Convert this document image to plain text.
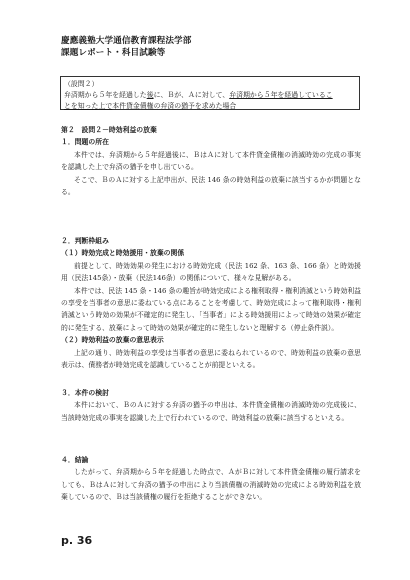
慶應義塾大学通信教育課程法学部
課題レポート・科目試験等
（設問２）
弁済期から５年を経過した後に、Ｂが、Ａに対して、弁済期から５年を経過しているこ
とを知った上で本件貸金債権の弁済の猶予を求めた場合
第２　設問２－時効利益の放棄
１．問題の所在
本件では、弁済期から５年経過後に、ＢはＡに対して本件貸金債権の消滅時効の完成の事実を認識した上で弁済の猶予を申し出ている。
そこで、ＢのＡに対する上記申出が、民法 146 条の時効利益の放棄に該当するかが問題となる。
２．判断枠組み
（１）時効完成と時効援用・放棄の関係
前提として、時効効果の発生における時効完成（民法 162 条、163 条、166 条）と時効援用（民法145条）・放棄（民法146条）の関係について、様々な見解がある。
本件では、民法 145 条・146 条の趣旨が時効完成による権利取得・権利消滅という時効利益の享受を当事者の意思に委ねている点にあることを考慮して、時効完成によって権利取得・権利消滅という時効の効果が不確定的に発生し、「当事者」による時効援用によって時効の効果が確定的に発生する、放棄によって時効の効果が確定的に発生しないと理解する（停止条件説）。
（２）時効利益の放棄の意思表示
上記の通り、時効利益の享受は当事者の意思に委ねられているので、時効利益の放棄の意思表示は、債務者が時効完成を認識していることが前提といえる。
３．本件の検討
本件において、ＢのＡに対する弁済の猶予の申出は、本件貸金債権の消滅時効の完成後に、当該時効完成の事実を認識した上で行われているので、時効利益の放棄に該当するといえる。
４．結論
したがって、弁済期から５年を経過した時点で、ＡがＢに対して本件貸金債権の履行請求をしても、ＢはＡに対して弁済の猶予の申出により当該債権の消滅時効の完成による時効利益を放棄しているので、Ｂは当該債権の履行を拒絶することができない。
p. 36
